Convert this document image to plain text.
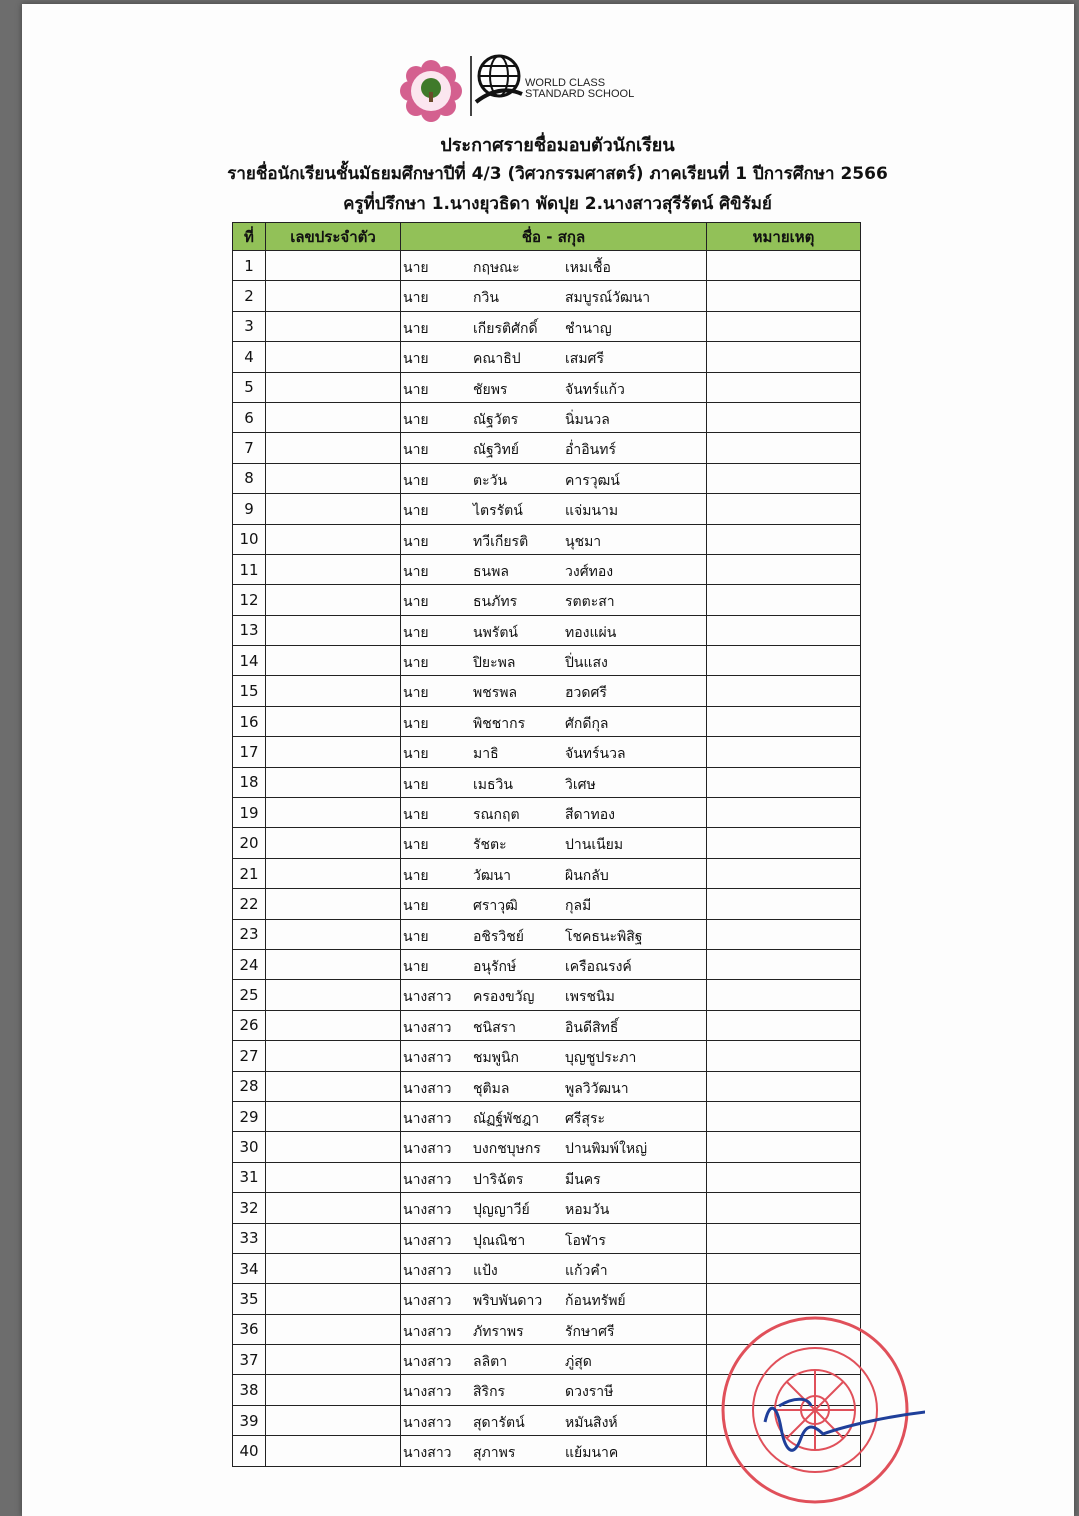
WORLD CLASS
STANDARD SCHOOL
ประกาศรายชื่อมอบตัวนักเรียน
รายชื่อนักเรียนชั้นมัธยมศึกษาปีที่ 4/3 (วิศวกรรมศาสตร์) ภาคเรียนที่ 1 ปีการศึกษา 2566
ครูที่ปรึกษา 1.นางยุวธิดา พัดปุย 2.นางสาวสุรีรัตน์ ศิขิรัมย์
ที่	เลขประจำตัว	ชื่อ - สกุล	หมายเหตุ
1		นาย กฤษณะ เหมเชื้อ	

2		นาย กวิน สมบูรณ์วัฒนา	

3		นาย เกียรติศักดิ์ ชำนาญ	

4		นาย คณาธิป เสมศรี	

5		นาย ชัยพร จันทร์แก้ว	

6		นาย ณัฐวัตร นิ่มนวล	

7		นาย ณัฐวิทย์ อ่ำอินทร์	

8		นาย ตะวัน คารวุฒน์	

9		นาย ไตรรัตน์ แจ่มนาม	

10		นาย ทวีเกียรติ นุชมา	

11		นาย ธนพล วงศ์ทอง	

12		นาย ธนภัทร รตตะสา	

13		นาย นพรัตน์ ทองแผ่น	

14		นาย ปิยะพล ปิ่นแสง	

15		นาย พชรพล ฮวดศรี	

16		นาย พิชชากร ศักดีกุล	

17		นาย มาธิ จันทร์นวล	

18		นาย เมธวิน วิเศษ	

19		นาย รณกฤต สีดาทอง	

20		นาย รัชตะ ปานเนียม	

21		นาย วัฒนา ผินกลับ	

22		นาย ศราวุฒิ กุลมี	

23		นาย อชิรวิชย์ โชคธนะพิสิฐ	

24		นาย อนุรักษ์ เครือณรงค์	

25		นางสาว ครองขวัญ เพรชนิม	

26		นางสาว ชนิสรา อินดีสิทธิ์	

27		นางสาว ชมพูนิก บุญชูประภา	

28		นางสาว ชุติมล พูลวิวัฒนา	

29		นางสาว ณัฏฐ์พัชฎา ศรีสุระ	

30		นางสาว บงกชบุษกร ปานพิมพ์ใหญ่	

31		นางสาว ปาริฉัตร มีนคร	

32		นางสาว ปุญญาวีย์ หอมวัน	

33		นางสาว ปุณณิชา โอฬาร	

34		นางสาว แป้ง แก้วคำ	

35		นางสาว พริบพันดาว ก้อนทรัพย์	

36		นางสาว ภัทราพร รักษาศรี	

37		นางสาว ลลิตา ภู่สุด	

38		นางสาว สิริกร ดวงราษี	

39		นางสาว สุดารัตน์ หมันสิงห์	

40		นางสาว สุภาพร แย้มนาค	
